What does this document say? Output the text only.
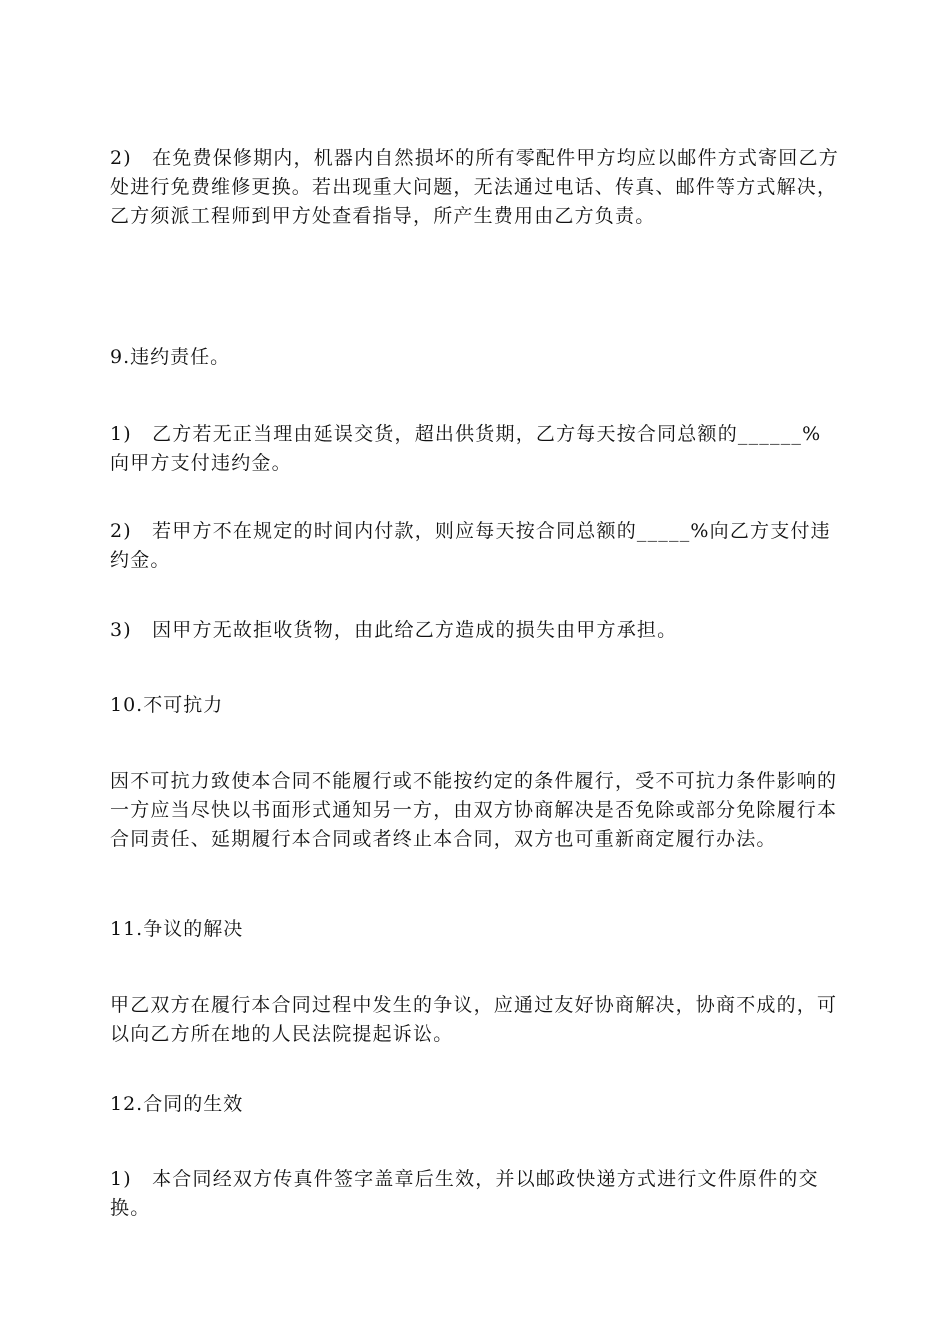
2)　在免费保修期内，机器内自然损坏的所有零配件甲方均应以邮件方式寄回乙方处进行免费维修更换。若出现重大问题，无法通过电话、传真、邮件等方式解决，乙方须派工程师到甲方处查看指导，所产生费用由乙方负责。

9.违约责任。

1)　乙方若无正当理由延误交货，超出供货期，乙方每天按合同总额的______%向甲方支付违约金。

2)　若甲方不在规定的时间内付款，则应每天按合同总额的_____%向乙方支付违约金。

3)　因甲方无故拒收货物，由此给乙方造成的损失由甲方承担。

10.不可抗力

因不可抗力致使本合同不能履行或不能按约定的条件履行，受不可抗力条件影响的一方应当尽快以书面形式通知另一方，由双方协商解决是否免除或部分免除履行本合同责任、延期履行本合同或者终止本合同，双方也可重新商定履行办法。

11.争议的解决

甲乙双方在履行本合同过程中发生的争议，应通过友好协商解决，协商不成的，可以向乙方所在地的人民法院提起诉讼。

12.合同的生效

1)　本合同经双方传真件签字盖章后生效，并以邮政快递方式进行文件原件的交换。
